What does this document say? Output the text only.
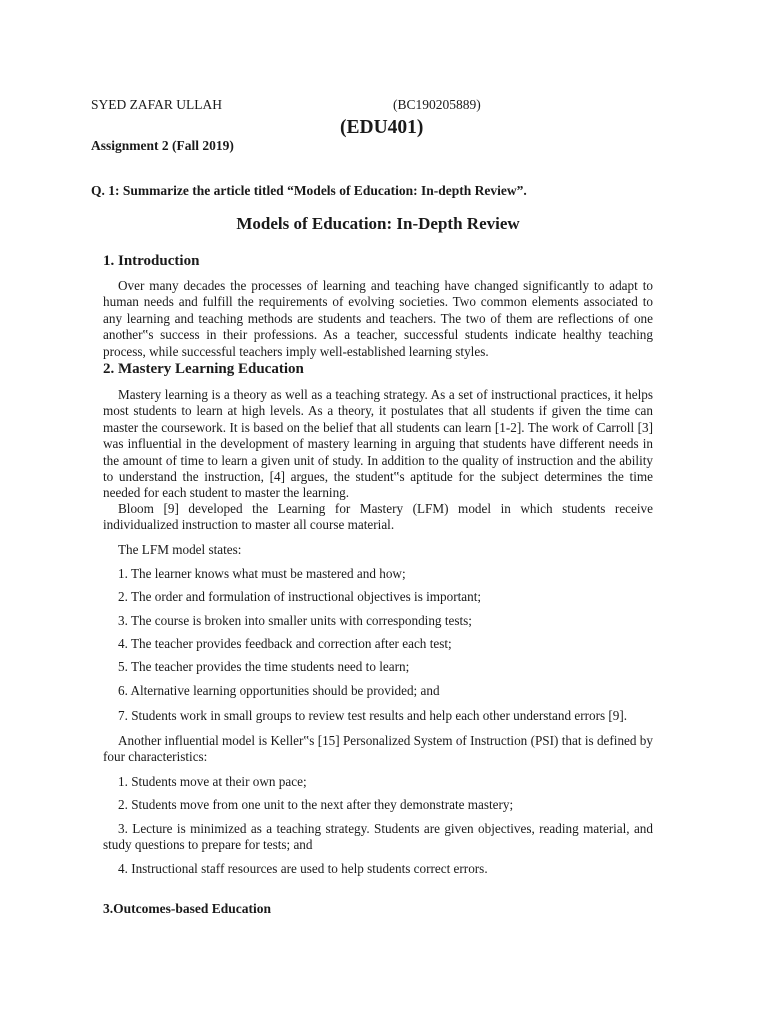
SYED ZAFAR ULLAH	(BC190205889)
(EDU401)
Assignment 2 (Fall 2019)
Q. 1: Summarize the article titled “Models of Education: In-depth Review”.
Models of Education: In-Depth Review
1. Introduction

Over many decades the processes of learning and teaching have changed significantly to adapt to human needs and fulfill the requirements of evolving societies. Two common elements associated to any learning and teaching methods are students and teachers. The two of them are reflections of one another‟s success in their professions. As a teacher, successful students indicate healthy teaching process, while successful teachers imply well-established learning styles.

2. Mastery Learning Education

Mastery learning is a theory as well as a teaching strategy. As a set of instructional practices, it helps most students to learn at high levels. As a theory, it postulates that all students if given the time can master the coursework. It is based on the belief that all students can learn [1-2]. The work of Carroll [3] was influential in the development of mastery learning in arguing that students have different needs in the amount of time to learn a given unit of study. In addition to the quality of instruction and the ability to understand the instruction, [4] argues, the student‟s aptitude for the subject determines the time needed for each student to master the learning.

Bloom [9] developed the Learning for Mastery (LFM) model in which students receive individualized instruction to master all course material.

The LFM model states:

1. The learner knows what must be mastered and how;
2. The order and formulation of instructional objectives is important;
3. The course is broken into smaller units with corresponding tests;
4. The teacher provides feedback and correction after each test;
5. The teacher provides the time students need to learn;
6. Alternative learning opportunities should be provided; and
7. Students work in small groups to review test results and help each other understand errors [9].

Another influential model is Keller‟s [15] Personalized System of Instruction (PSI) that is defined by four characteristics:

1. Students move at their own pace;
2. Students move from one unit to the next after they demonstrate mastery;

3. Lecture is minimized as a teaching strategy. Students are given objectives, reading material, and study questions to prepare for tests; and

4. Instructional staff resources are used to help students correct errors.
3.Outcomes-based Education
